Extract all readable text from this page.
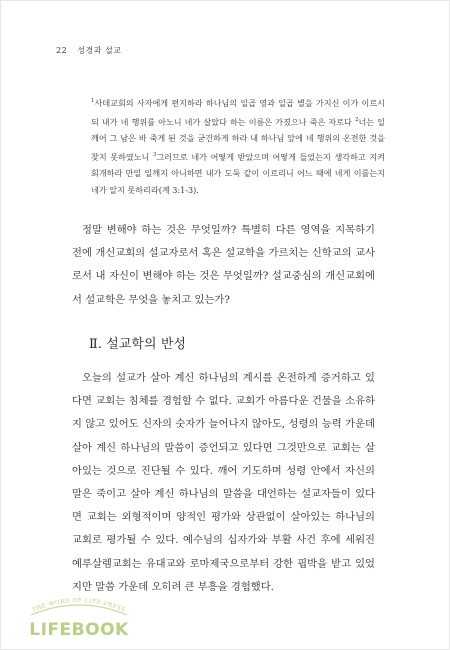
22 성경과 설교
$^1$사데교회의 사자에게 편지하라 하나님의 일곱 영과 일곱 별을 가지신 이가 이르시되 내가 네 행위를 아노니 네가 살았다 하는 이름은 가졌으나 죽은 자로다 $^2$너는 일깨어 그 남은 바 죽게 된 것을 굳건하게 하라 내 하나님 앞에 네 행위의 온전한 것을 찾지 못하였노니 $^3$그러므로 네가 어떻게 받았으며 어떻게 들었는지 생각하고 지켜 회개하라 만일 일깨지 아니하면 내가 도둑 같이 이르리니 어느 때에 네게 이를는지 네가 알지 못하리라(계 3:1-3).
정말 변해야 하는 것은 무엇일까? 특별히 다른 영역을 지목하기 전에 개신교회의 설교자로서 혹은 설교학을 가르치는 신학교의 교사로서 내 자신이 변해야 하는 것은 무엇일까? 설교중심의 개신교회에서 설교학은 무엇을 놓치고 있는가?
Ⅱ. 설교학의 반성
오늘의 설교가 살아 계신 하나님의 계시를 온전하게 증거하고 있다면 교회는 침체를 경험할 수 없다. 교회가 아름다운 건물을 소유하지 않고 있어도 신자의 숫자가 늘어나지 않아도, 성령의 능력 가운데 살아 계신 하나님의 말씀이 증언되고 있다면 그것만으로 교회는 살아있는 것으로 진단될 수 있다. 깨어 기도하며 성령 안에서 자신의 말은 죽이고 살아 계신 하나님의 말씀을 대언하는 설교자들이 있다면 교회는 외형적이며 양적인 평가와 상관없이 살아있는 하나님의 교회로 평가될 수 있다. 예수님의 십자가와 부활 사건 후에 세워진 예루살렘교회는 유대교와 로마제국으로부터 강한 핍박을 받고 있었지만 말씀 가운데 오히려 큰 부흥을 경험했다.
THE WORD OF LIFE PRESS
LIFEBOOK
